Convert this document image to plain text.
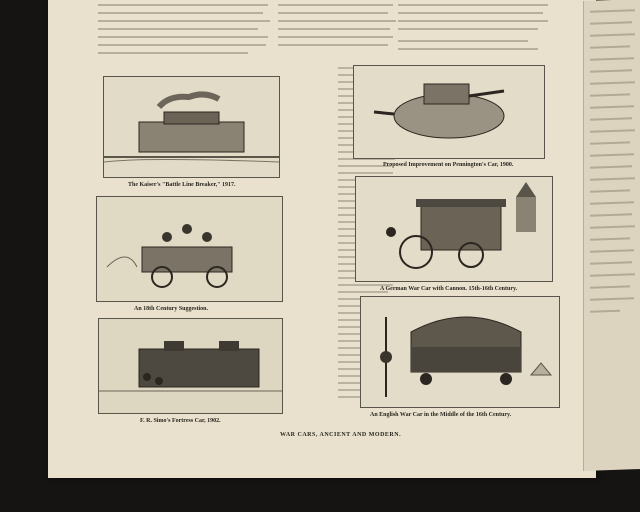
The Kaiser's "Battle Line Breaker," 1917.
An 18th Century Suggestion.
F. R. Simo's Fortress Car, 1902.
Proposed Improvement on Pennington's Car, 1900.
A German War Car with Cannon. 15th-16th Century.
An English War Car in the Middle of the 16th Century.
WAR CARS, ANCIENT AND MODERN.
